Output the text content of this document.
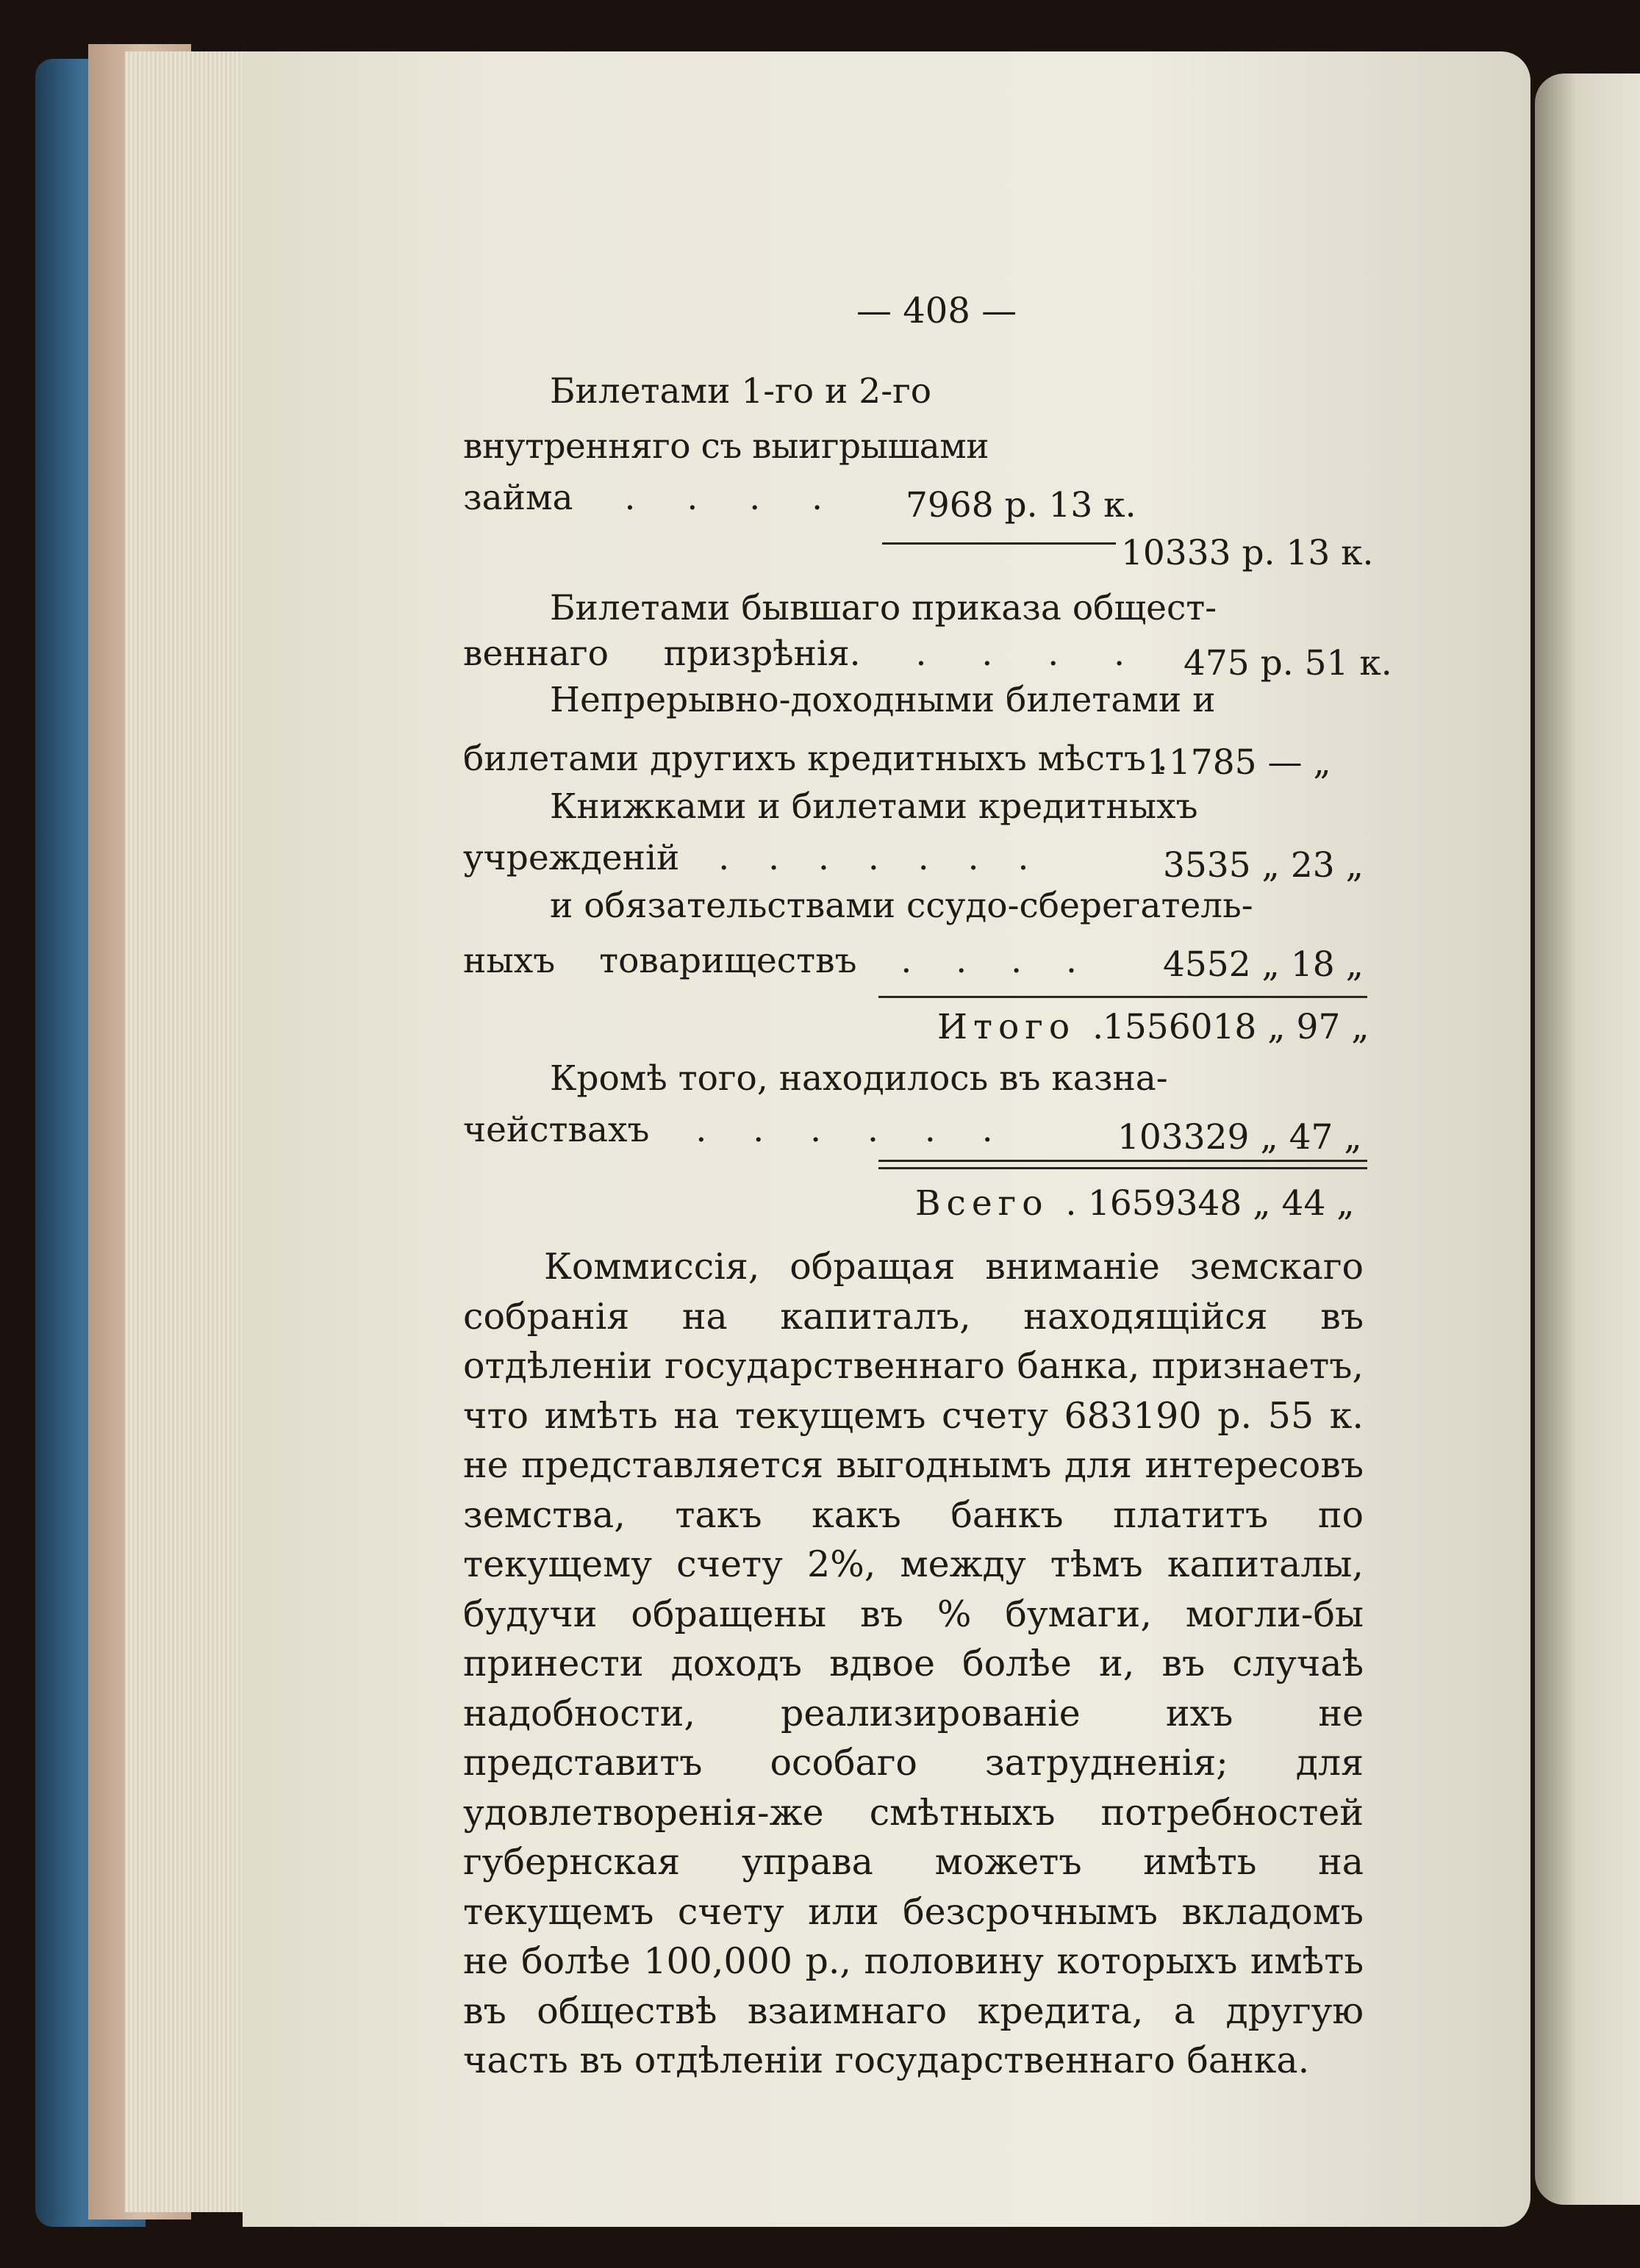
— 408 —
Билетами 1-го и 2-го
внутренняго съ выигрышами
займа . . . . 7968 р. 13 к.
10333 р. 13 к.
Билетами бывшаго приказа общест-
веннаго призрѣнія. . . . . 475 р. 51 к.
Непрерывно-доходными билетами и
билетами другихъ кредитныхъ мѣстъ .
11785 — „
Книжками и билетами кредитныхъ
учрежденій . . . . . . .	3535 „ 23 „
и обязательствами ссудо-сберегатель-
ныхъ товариществъ . . . . 4552 „ 18 „
Итого .
1556018 „ 97 „
Кромѣ того, находилось въ казна-
чействахъ . . . . . .	103329 „ 47 „
Всего . 1659348 „ 44 „
Коммиссія, обращая вниманіе земскаго собранія на капиталъ, находящійся въ отдѣленіи государственнаго банка, признаетъ, что имѣть на текущемъ счету 683190 р. 55 к. не представляется выгоднымъ для интересовъ земства, такъ какъ банкъ платитъ по текущему счету 2%, между тѣмъ капиталы, будучи обращены въ % бумаги, могли-бы принести доходъ вдвое болѣе и, въ случаѣ надобности, реализированіе ихъ не представитъ особаго затрудненія; для удовлетворенія-же смѣтныхъ потребностей губернская управа можетъ имѣть на текущемъ счету или безсрочнымъ вкладомъ не болѣе 100,000 р., половину которыхъ имѣть въ обществѣ взаимнаго кредита, а другую часть въ отдѣленіи государственнаго банка.
